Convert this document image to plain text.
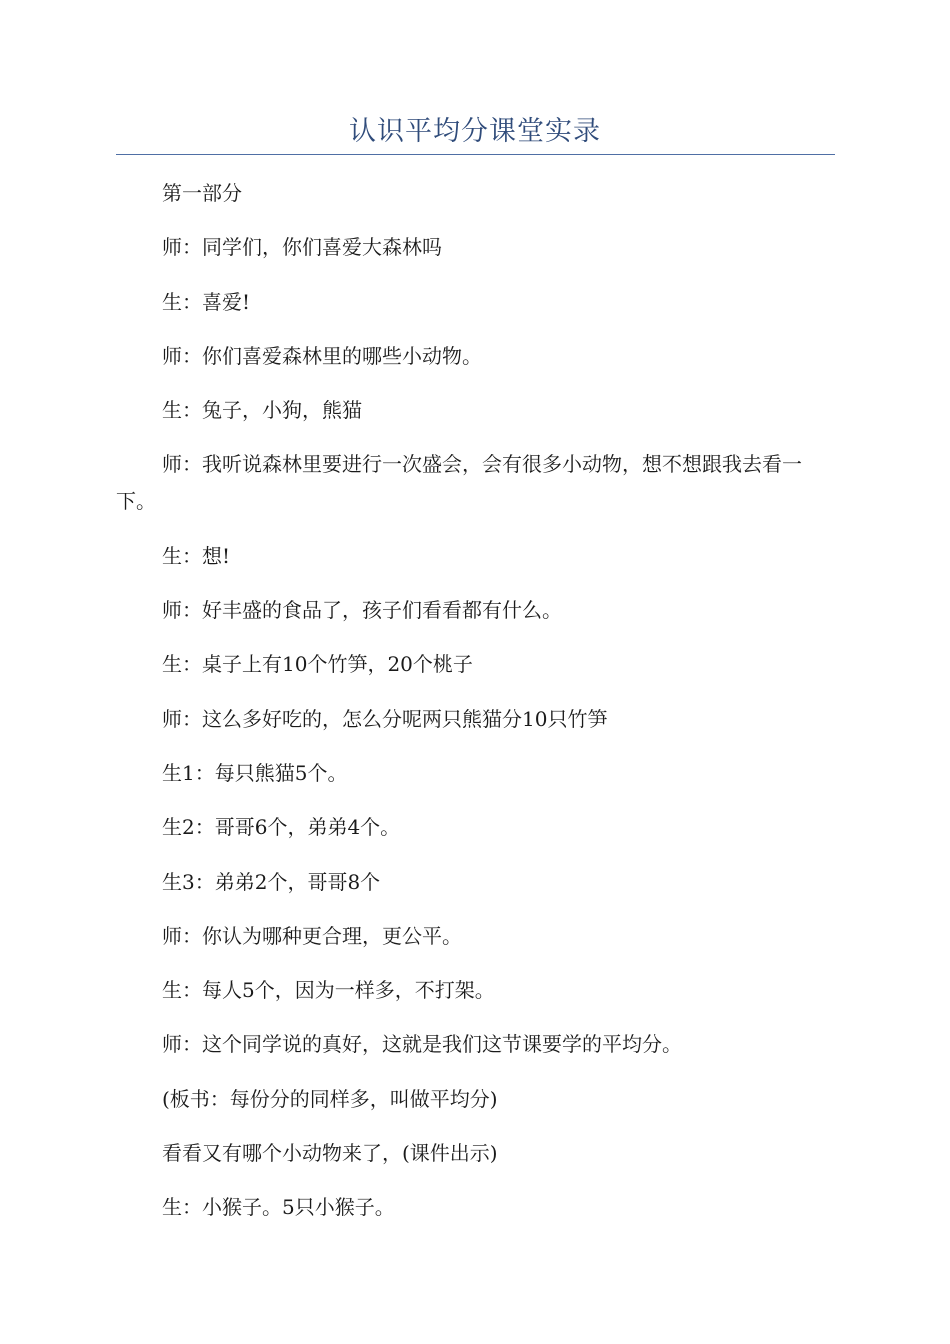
认识平均分课堂实录

第一部分

师：同学们，你们喜爱大森林吗

生：喜爱!

师：你们喜爱森林里的哪些小动物。

生：兔子，小狗，熊猫

师：我听说森林里要进行一次盛会，会有很多小动物，想不想跟我去看一下。

生：想!

师：好丰盛的食品了，孩子们看看都有什么。

生：桌子上有10个竹笋，20个桃子

师：这么多好吃的，怎么分呢两只熊猫分10只竹笋

生1：每只熊猫5个。

生2：哥哥6个，弟弟4个。

生3：弟弟2个，哥哥8个

师：你认为哪种更合理，更公平。

生：每人5个，因为一样多，不打架。

师：这个同学说的真好，这就是我们这节课要学的平均分。

(板书：每份分的同样多，叫做平均分)

看看又有哪个小动物来了，(课件出示)

生：小猴子。5只小猴子。
